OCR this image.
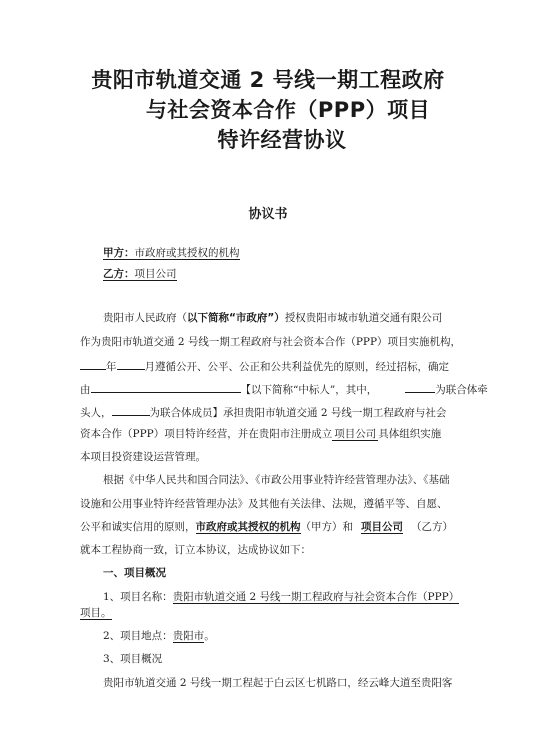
贵阳市轨道交通 2 号线一期工程政府
与社会资本合作（PPP）项目
特许经营协议
协议书
甲方：市政府或其授权的机构
乙方：项目公司
贵阳市人民政府（以下简称“市政府”）授权贵阳市城市轨道交通有限公司
作为贵阳市轨道交通 2 号线一期工程政府与社会资本合作（PPP）项目实施机构，
年	月遵循公开、公平、公正和公共利益优先的原则，经过招标，确定
由	【以下简称“中标人”，其中，	为联合体牵
头人，	为联合体成员】承担贵阳市轨道交通 2 号线一期工程政府与社会
资本合作（PPP）项目特许经营，并在贵阳市注册成立 项目公司 具体组织实施
本项目投资建设运营管理。
根据《中华人民共和国合同法》、《市政公用事业特许经营管理办法》、《基础
设施和公用事业特许经营管理办法》及其他有关法律、法规，遵循平等、自愿、
公平和诚实信用的原则，市政府或其授权的机构（甲方）和 项目公司 （乙方）
就本工程协商一致，订立本协议，达成协议如下：
一、项目概况
1、项目名称：贵阳市轨道交通 2 号线一期工程政府与社会资本合作（PPP）
项目。
2、项目地点：贵阳市。
3、项目概况
贵阳市轨道交通 2 号线一期工程起于白云区七机路口，经云峰大道至贵阳客
